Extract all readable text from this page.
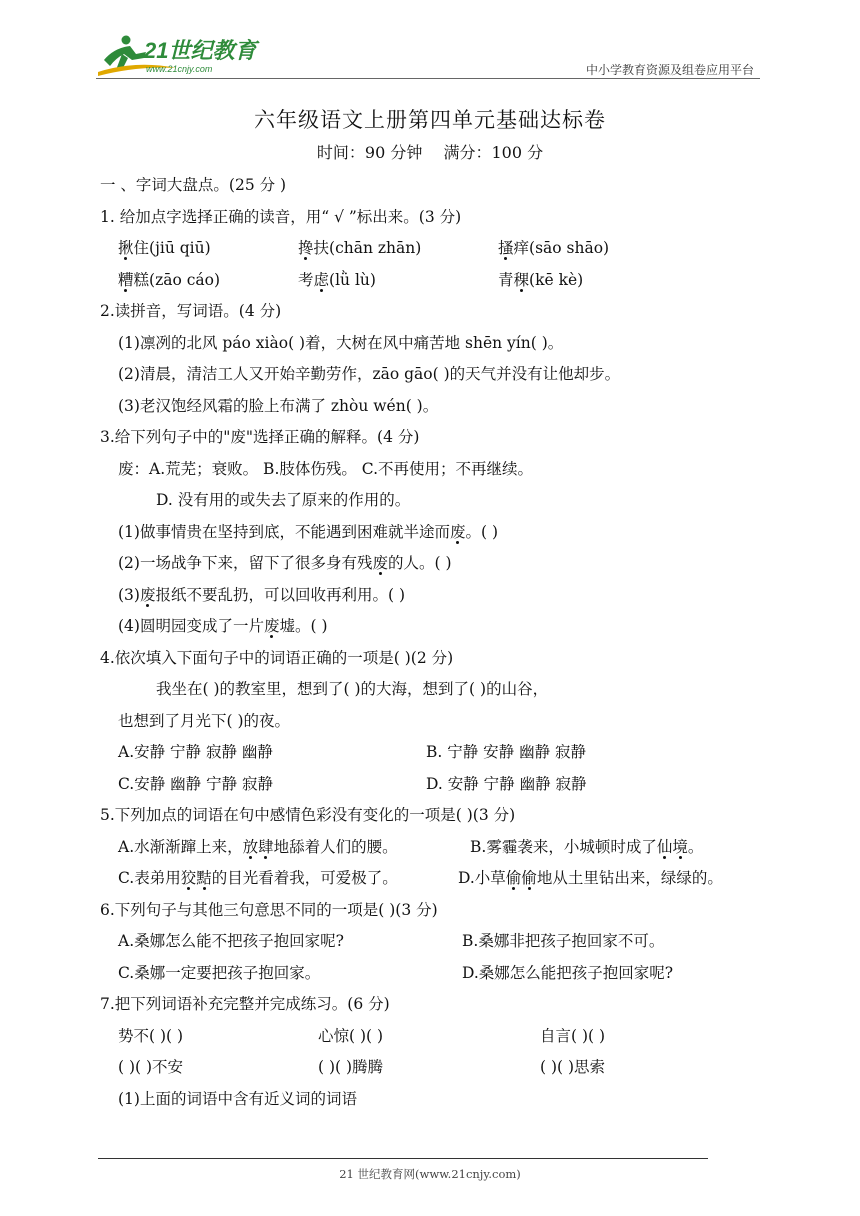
21世纪教育
www.21cnjy.com	中小学教育资源及组卷应用平台
六年级语文上册第四单元基础达标卷
时间：90 分钟 满分：100 分
一 、字词大盘点。(25 分 )
1. 给加点字选择正确的读音，用“ √ ”标出来。(3 分)
揪住(jiū qiū)	搀扶(chān zhān)	搔痒(sāo shāo)
糟糕(zāo cáo)	考虑(lǜ lù)	青稞(kē kè)
2.读拼音，写词语。(4 分)
(1)凛冽的北风 páo xiào( )着，大树在风中痛苦地 shēn yín( )。
(2)清晨，清洁工人又开始辛勤劳作，zāo gāo( )的天气并没有让他却步。
(3)老汉饱经风霜的脸上布满了 zhòu wén( )。
3.给下列句子中的"废"选择正确的解释。(4 分)
废：A.荒芜；衰败。 B.肢体伤残。 C.不再使用；不再继续。
D. 没有用的或失去了原来的作用的。
(1)做事情贵在坚持到底，不能遇到困难就半途而废。( )
(2)一场战争下来，留下了很多身有残废的人。( )
(3)废报纸不要乱扔，可以回收再利用。( )
(4)圆明园变成了一片废墟。( )
4.依次填入下面句子中的词语正确的一项是( )(2 分)
我坐在( )的教室里，想到了( )的大海，想到了( )的山谷，
也想到了月光下( )的夜。
A.安静 宁静 寂静 幽静	B. 宁静 安静 幽静 寂静
C.安静 幽静 宁静 寂静	D. 安静 宁静 幽静 寂静
5.下列加点的词语在句中感情色彩没有变化的一项是( )(3 分)
A.水渐渐蹿上来，放肆地舔着人们的腰。	B.雾霾袭来，小城顿时成了仙境。
C.表弟用狡黠的目光看着我，可爱极了。	D.小草偷偷地从土里钻出来，绿绿的。
6.下列句子与其他三句意思不同的一项是( )(3 分)
A.桑娜怎么能不把孩子抱回家呢?	B.桑娜非把孩子抱回家不可。
C.桑娜一定要把孩子抱回家。	D.桑娜怎么能把孩子抱回家呢?
7.把下列词语补充完整并完成练习。(6 分)
势不( )( )	心惊( )( )	自言( )( )
( )( )不安	( )( )腾腾	( )( )思索
(1)上面的词语中含有近义词的词语
21 世纪教育网(www.21cnjy.com)
